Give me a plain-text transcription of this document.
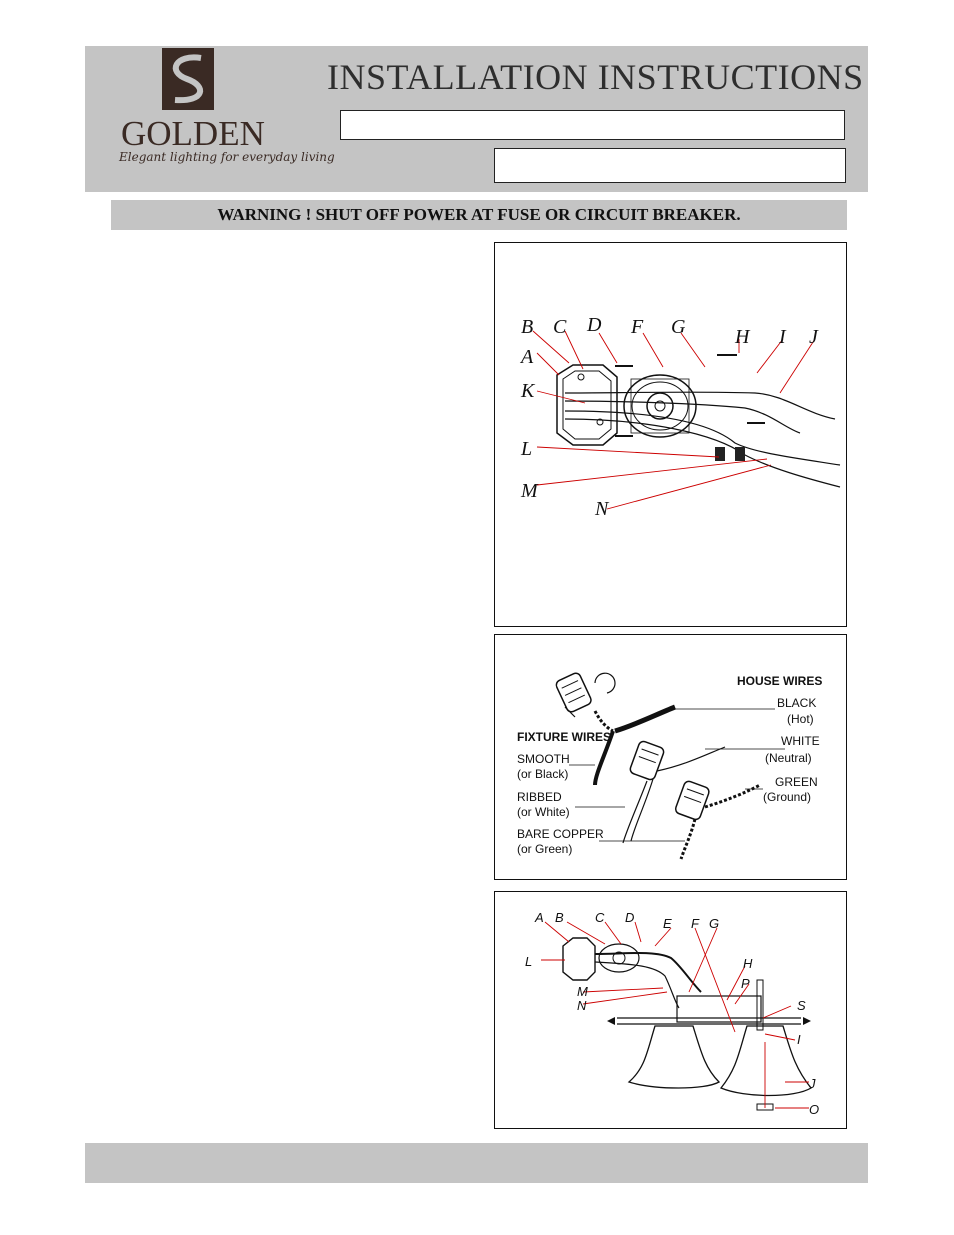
GOLDEN
Elegant lighting for everyday living
INSTALLATION INSTRUCTIONS
WARNING ! SHUT OFF POWER AT FUSE OR CIRCUIT BREAKER.
B
A
C D F G H I J
K
L
M
N
HOUSE WIRES
BLACK
(Hot)
WHITE
(Neutral)
GREEN
(Ground)
FIXTURE WIRES
SMOOTH
(or Black)
RIBBED
(or White)
BARE COPPER
(or Green)
A B C D E F G
L	H
M
P
N	S
I
J
O
